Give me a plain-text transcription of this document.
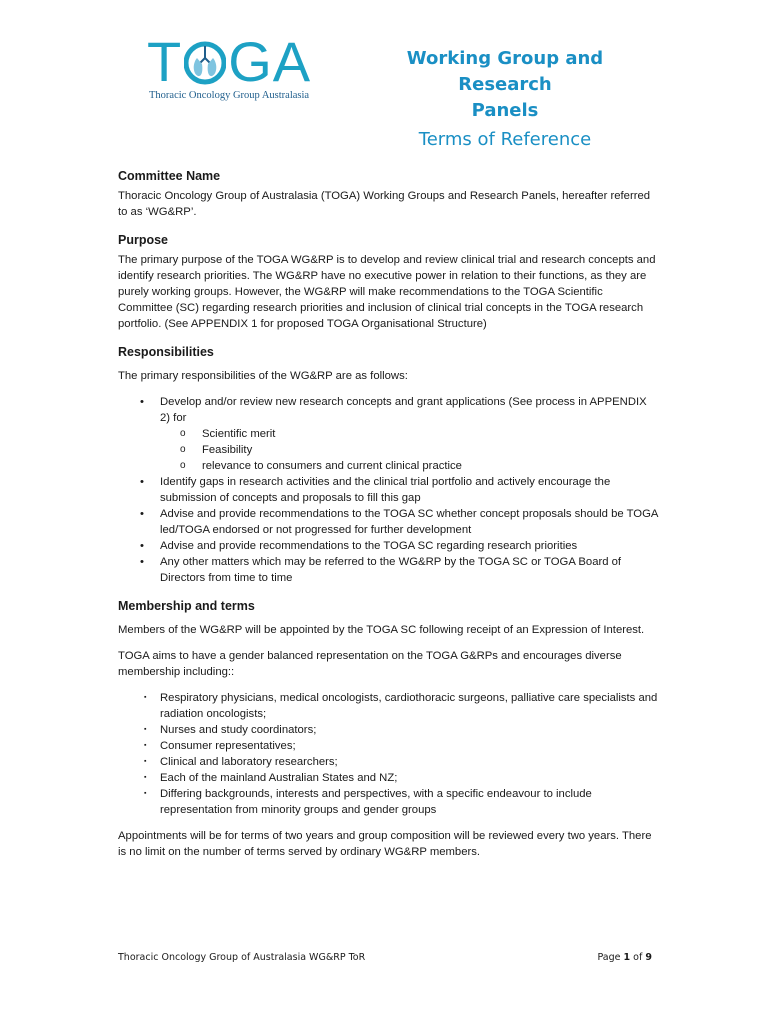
T GA
Thoracic Oncology Group Australasia
Working Group and Research
Panels
Terms of Reference
Committee Name

Thoracic Oncology Group of Australasia (TOGA) Working Groups and Research Panels, hereafter referred to as ‘WG&RP’.

Purpose

The primary purpose of the TOGA WG&RP is to develop and review clinical trial and research concepts and identify research priorities. The WG&RP have no executive power in relation to their functions, as they are purely working groups. However, the WG&RP will make recommendations to the TOGA Scientific Committee (SC) regarding research priorities and inclusion of clinical trial concepts in the TOGA research portfolio. (See APPENDIX 1 for proposed TOGA Organisational Structure)

Responsibilities

The primary responsibilities of the WG&RP are as follows:

• Develop and/or review new research concepts and grant applications (See process in APPENDIX 2) for
o Scientific merit
o Feasibility
o relevance to consumers and current clinical practice
• Identify gaps in research activities and the clinical trial portfolio and actively encourage the submission of concepts and proposals to fill this gap
• Advise and provide recommendations to the TOGA SC whether concept proposals should be TOGA led/TOGA endorsed or not progressed for further development
• Advise and provide recommendations to the TOGA SC regarding research priorities
• Any other matters which may be referred to the WG&RP by the TOGA SC or TOGA Board of Directors from time to time
Membership and terms

Members of the WG&RP will be appointed by the TOGA SC following receipt of an Expression of Interest.

TOGA aims to have a gender balanced representation on the TOGA G&RPs and encourages diverse membership including::

▪ Respiratory physicians, medical oncologists, cardiothoracic surgeons, palliative care specialists and radiation oncologists;
▪ Nurses and study coordinators;
▪ Consumer representatives;
▪ Clinical and laboratory researchers;
▪ Each of the mainland Australian States and NZ;
▪ Differing backgrounds, interests and perspectives, with a specific endeavour to include representation from minority groups and gender groups

Appointments will be for terms of two years and group composition will be reviewed every two years. There is no limit on the number of terms served by ordinary WG&RP members.

Thoracic Oncology Group of Australasia WG&RP ToR	Page 1 of 9
